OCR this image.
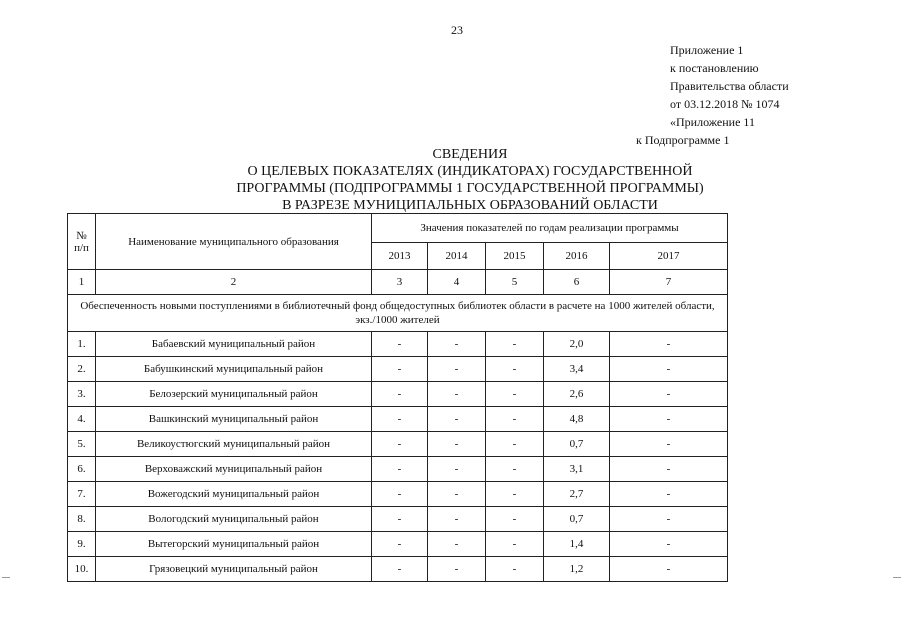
23
Приложение 1
к постановлению
Правительства области
от 03.12.2018 № 1074
«Приложение 11
к Подпрограмме 1
СВЕДЕНИЯ
О ЦЕЛЕВЫХ ПОКАЗАТЕЛЯХ (ИНДИКАТОРАХ) ГОСУДАРСТВЕННОЙ
ПРОГРАММЫ (ПОДПРОГРАММЫ 1 ГОСУДАРСТВЕННОЙ ПРОГРАММЫ)
В РАЗРЕЗЕ МУНИЦИПАЛЬНЫХ ОБРАЗОВАНИЙ ОБЛАСТИ
№ п/п	Наименование муниципального образования	Значения показателей по годам реализации программы				
		2013	2014	2015	2016	2017
1	2	3	4	5	6	7
Обеспеченность новыми поступлениями в библиотечный фонд общедоступных библиотек области в расчете на 1000 жителей области, экз./1000 жителей						
1.	Бабаевский муниципальный район	-	-	-	2,0	-
2.	Бабушкинский муниципальный район	-	-	-	3,4	-
3.	Белозерский муниципальный район	-	-	-	2,6	-
4.	Вашкинский муниципальный район	-	-	-	4,8	-
5.	Великоустюгский муниципальный район	-	-	-	0,7	-
6.	Верховажский муниципальный район	-	-	-	3,1	-
7.	Вожегодский муниципальный район	-	-	-	2,7	-
8.	Вологодский муниципальный район	-	-	-	0,7	-
9.	Вытегорский муниципальный район	-	-	-	1,4	-
10.	Грязовецкий муниципальный район	-	-	-	1,2	-
